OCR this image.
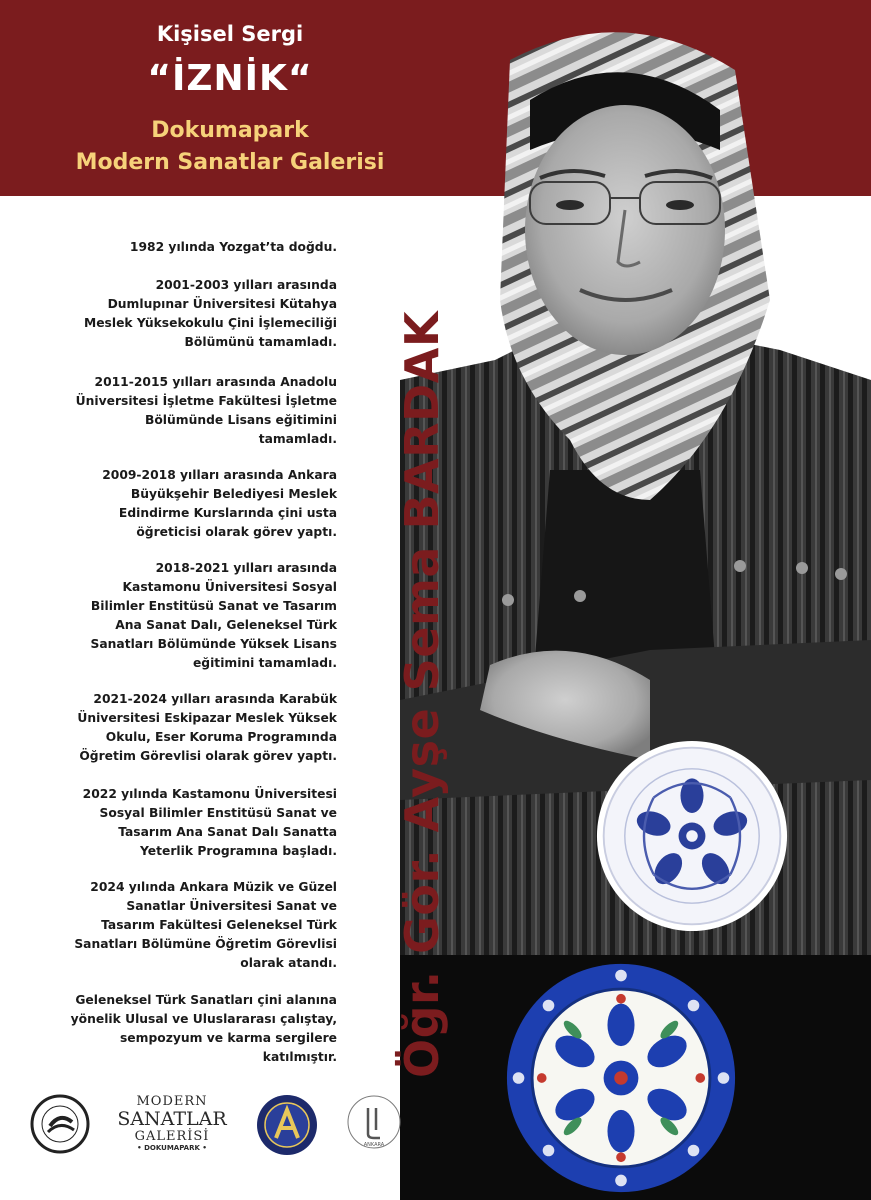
Kişisel Sergi
“İZNİK“
Dokumapark
Modern Sanatlar Galerisi
Öğr. Gör. Ayşe Sema BARDAK
1982 yılında Yozgat’ta doğdu.
2001-2003 yılları arasında
Dumlupınar Üniversitesi Kütahya
Meslek Yüksekokulu Çini İşlemeciliği
Bölümünü tamamladı.
2011-2015 yılları arasında Anadolu
Üniversitesi İşletme Fakültesi İşletme
Bölümünde Lisans eğitimini
tamamladı.
2009-2018 yılları arasında Ankara
Büyükşehir Belediyesi Meslek
Edindirme Kurslarında çini usta
öğreticisi olarak görev yaptı.
2018-2021 yılları arasında
Kastamonu Üniversitesi Sosyal
Bilimler Enstitüsü Sanat ve Tasarım
Ana Sanat Dalı, Geleneksel Türk
Sanatları Bölümünde Yüksek Lisans
eğitimini tamamladı.
2021-2024 yılları arasında Karabük
Üniversitesi Eskipazar Meslek Yüksek
Okulu, Eser Koruma Programında
Öğretim Görevlisi olarak görev yaptı.
2022 yılında Kastamonu Üniversitesi
Sosyal Bilimler Enstitüsü Sanat ve
Tasarım Ana Sanat Dalı Sanatta
Yeterlik Programına başladı.
2024 yılında Ankara Müzik ve Güzel
Sanatlar Üniversitesi Sanat ve
Tasarım Fakültesi Geleneksel Türk
Sanatları Bölümüne Öğretim Görevlisi
olarak atandı.
Geleneksel Türk Sanatları çini alanına
yönelik Ulusal ve Uluslararası çalıştay,
sempozyum ve karma sergilere
katılmıştır.
MODERN
SANATLAR
GALERİSİ
• DOKUMAPARK •	ANKARA
